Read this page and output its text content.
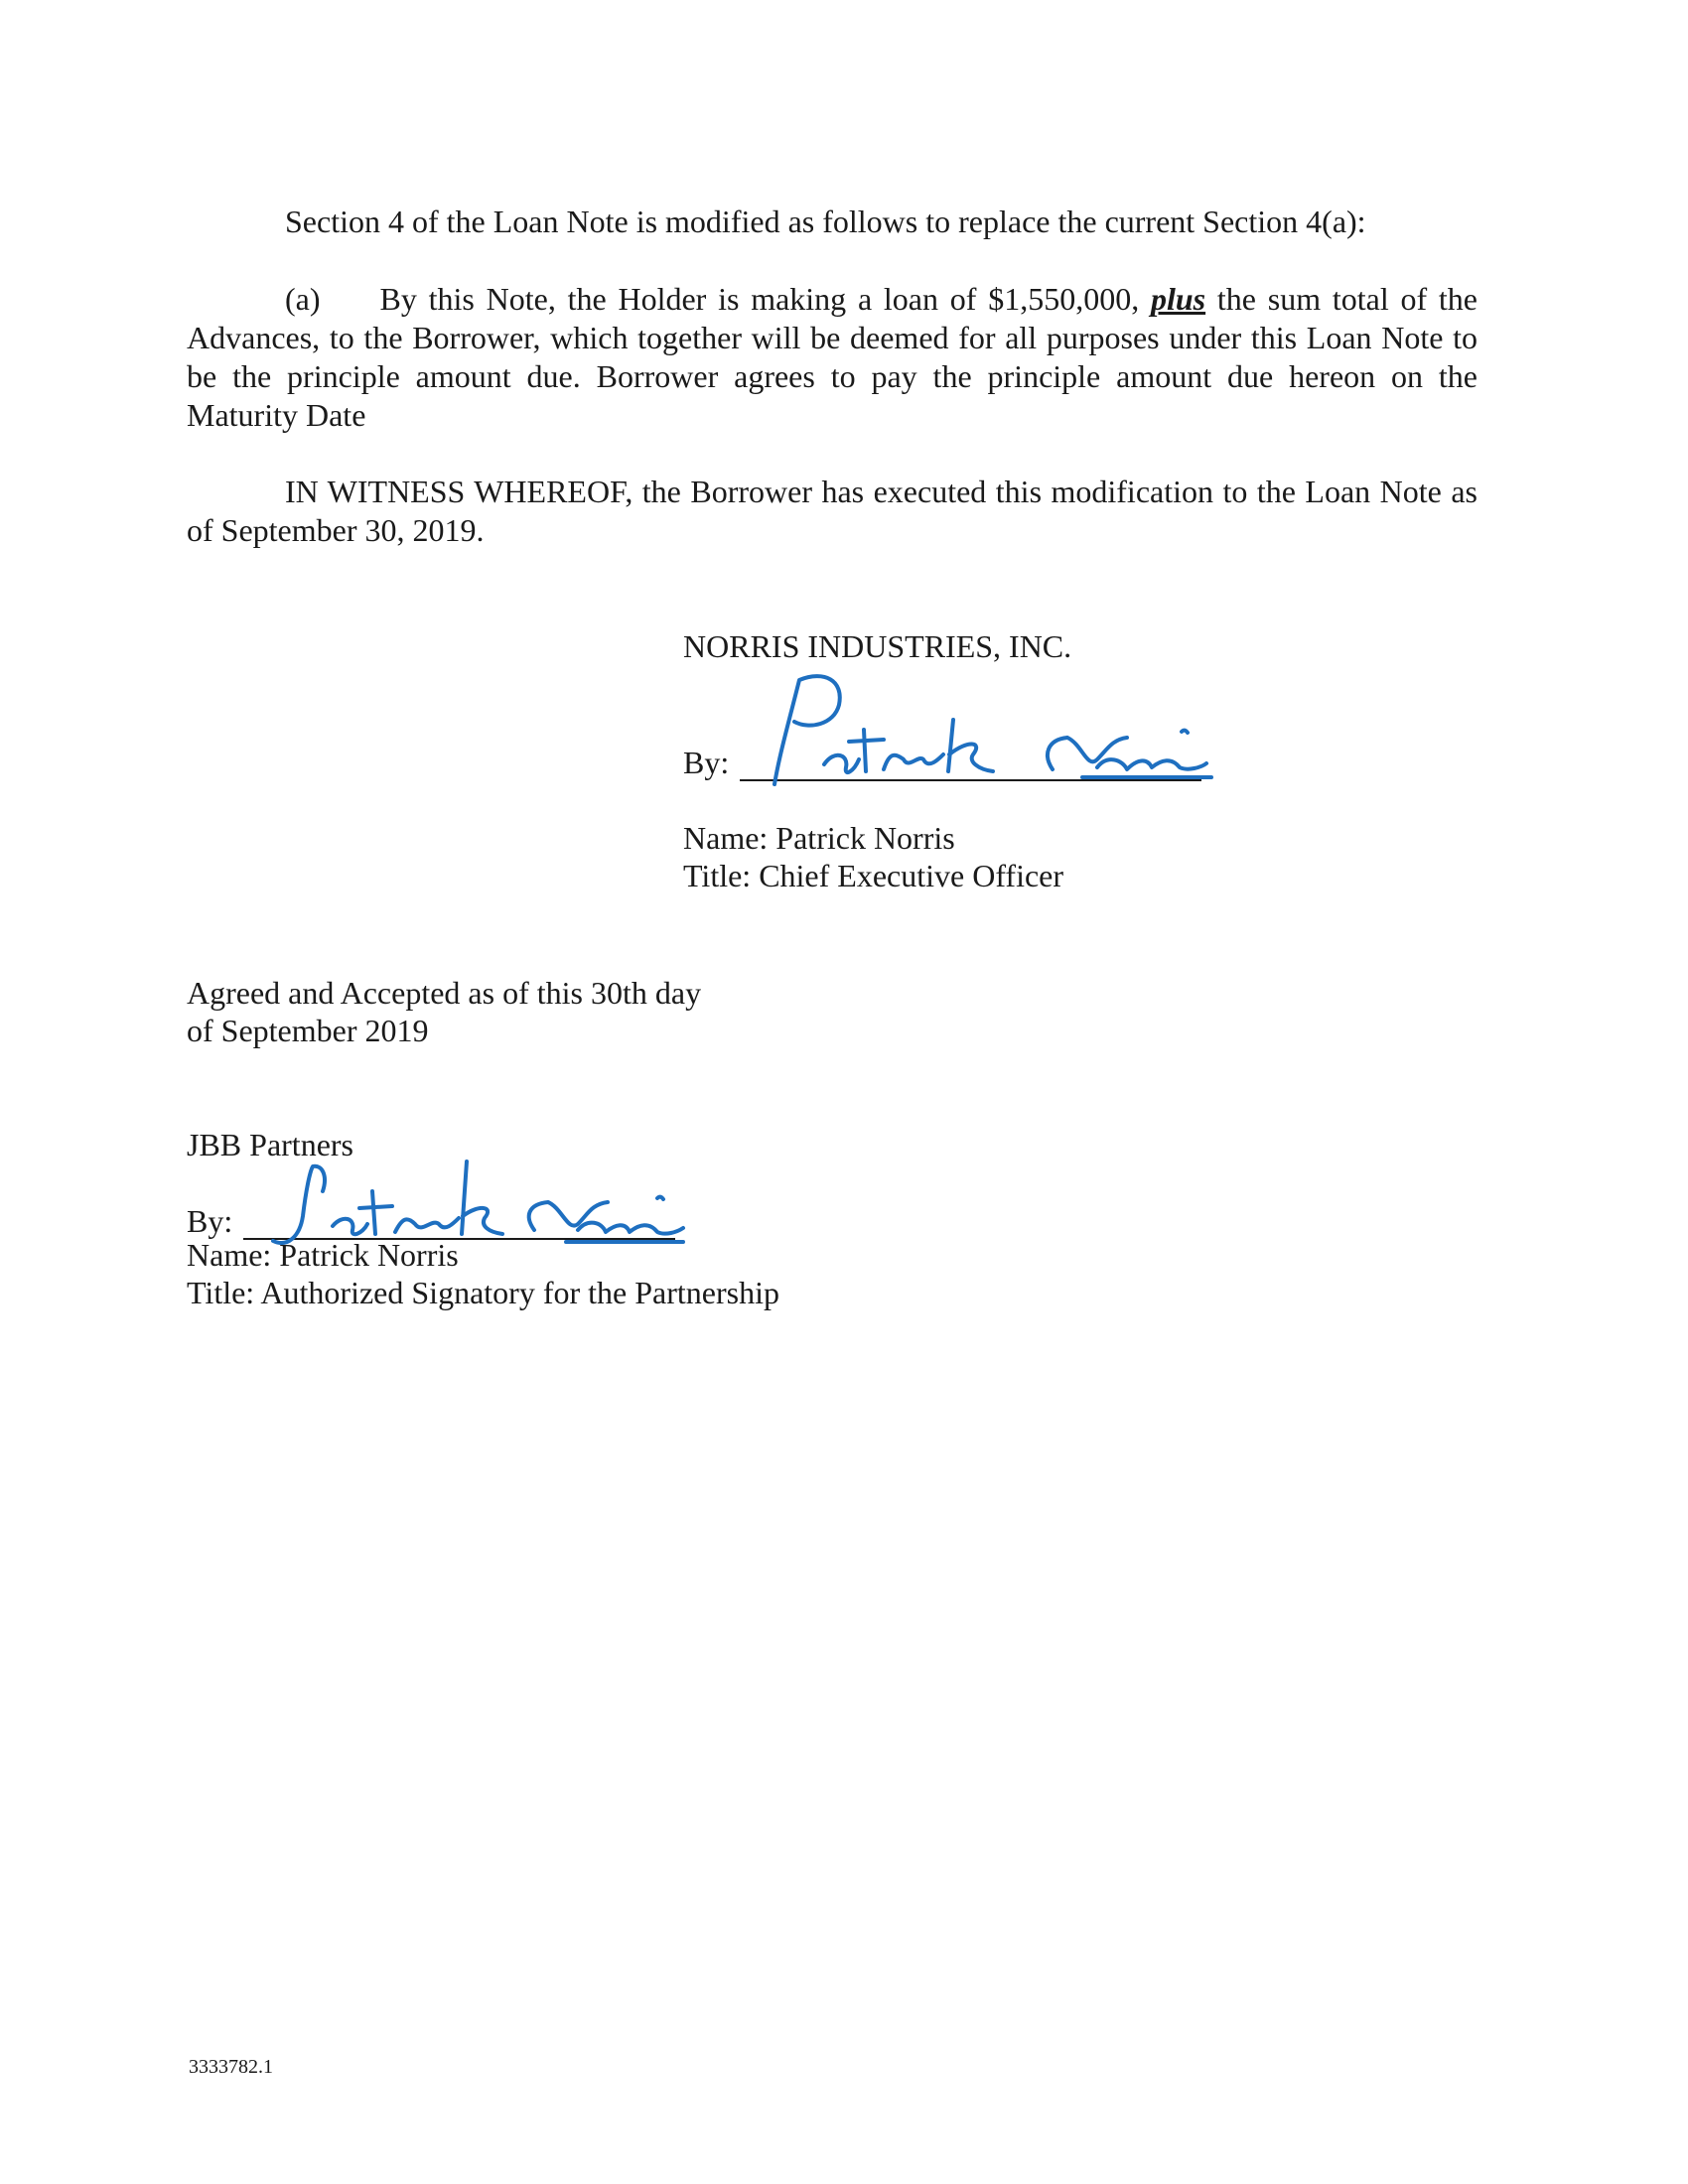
Section 4 of the Loan Note is modified as follows to replace the current Section 4(a):
(a) By this Note, the Holder is making a loan of $1,550,000, plus the sum total of the Advances, to the Borrower, which together will be deemed for all purposes under this Loan Note to be the principle amount due. Borrower agrees to pay the principle amount due hereon on the Maturity Date
IN WITNESS WHEREOF, the Borrower has executed this modification to the Loan Note as of September 30, 2019.
NORRIS INDUSTRIES, INC.
By:
Name: Patrick Norris
Title: Chief Executive Officer
Agreed and Accepted as of this 30th day
of September 2019
JBB Partners
By:
Name: Patrick Norris
Title: Authorized Signatory for the Partnership
3333782.1
